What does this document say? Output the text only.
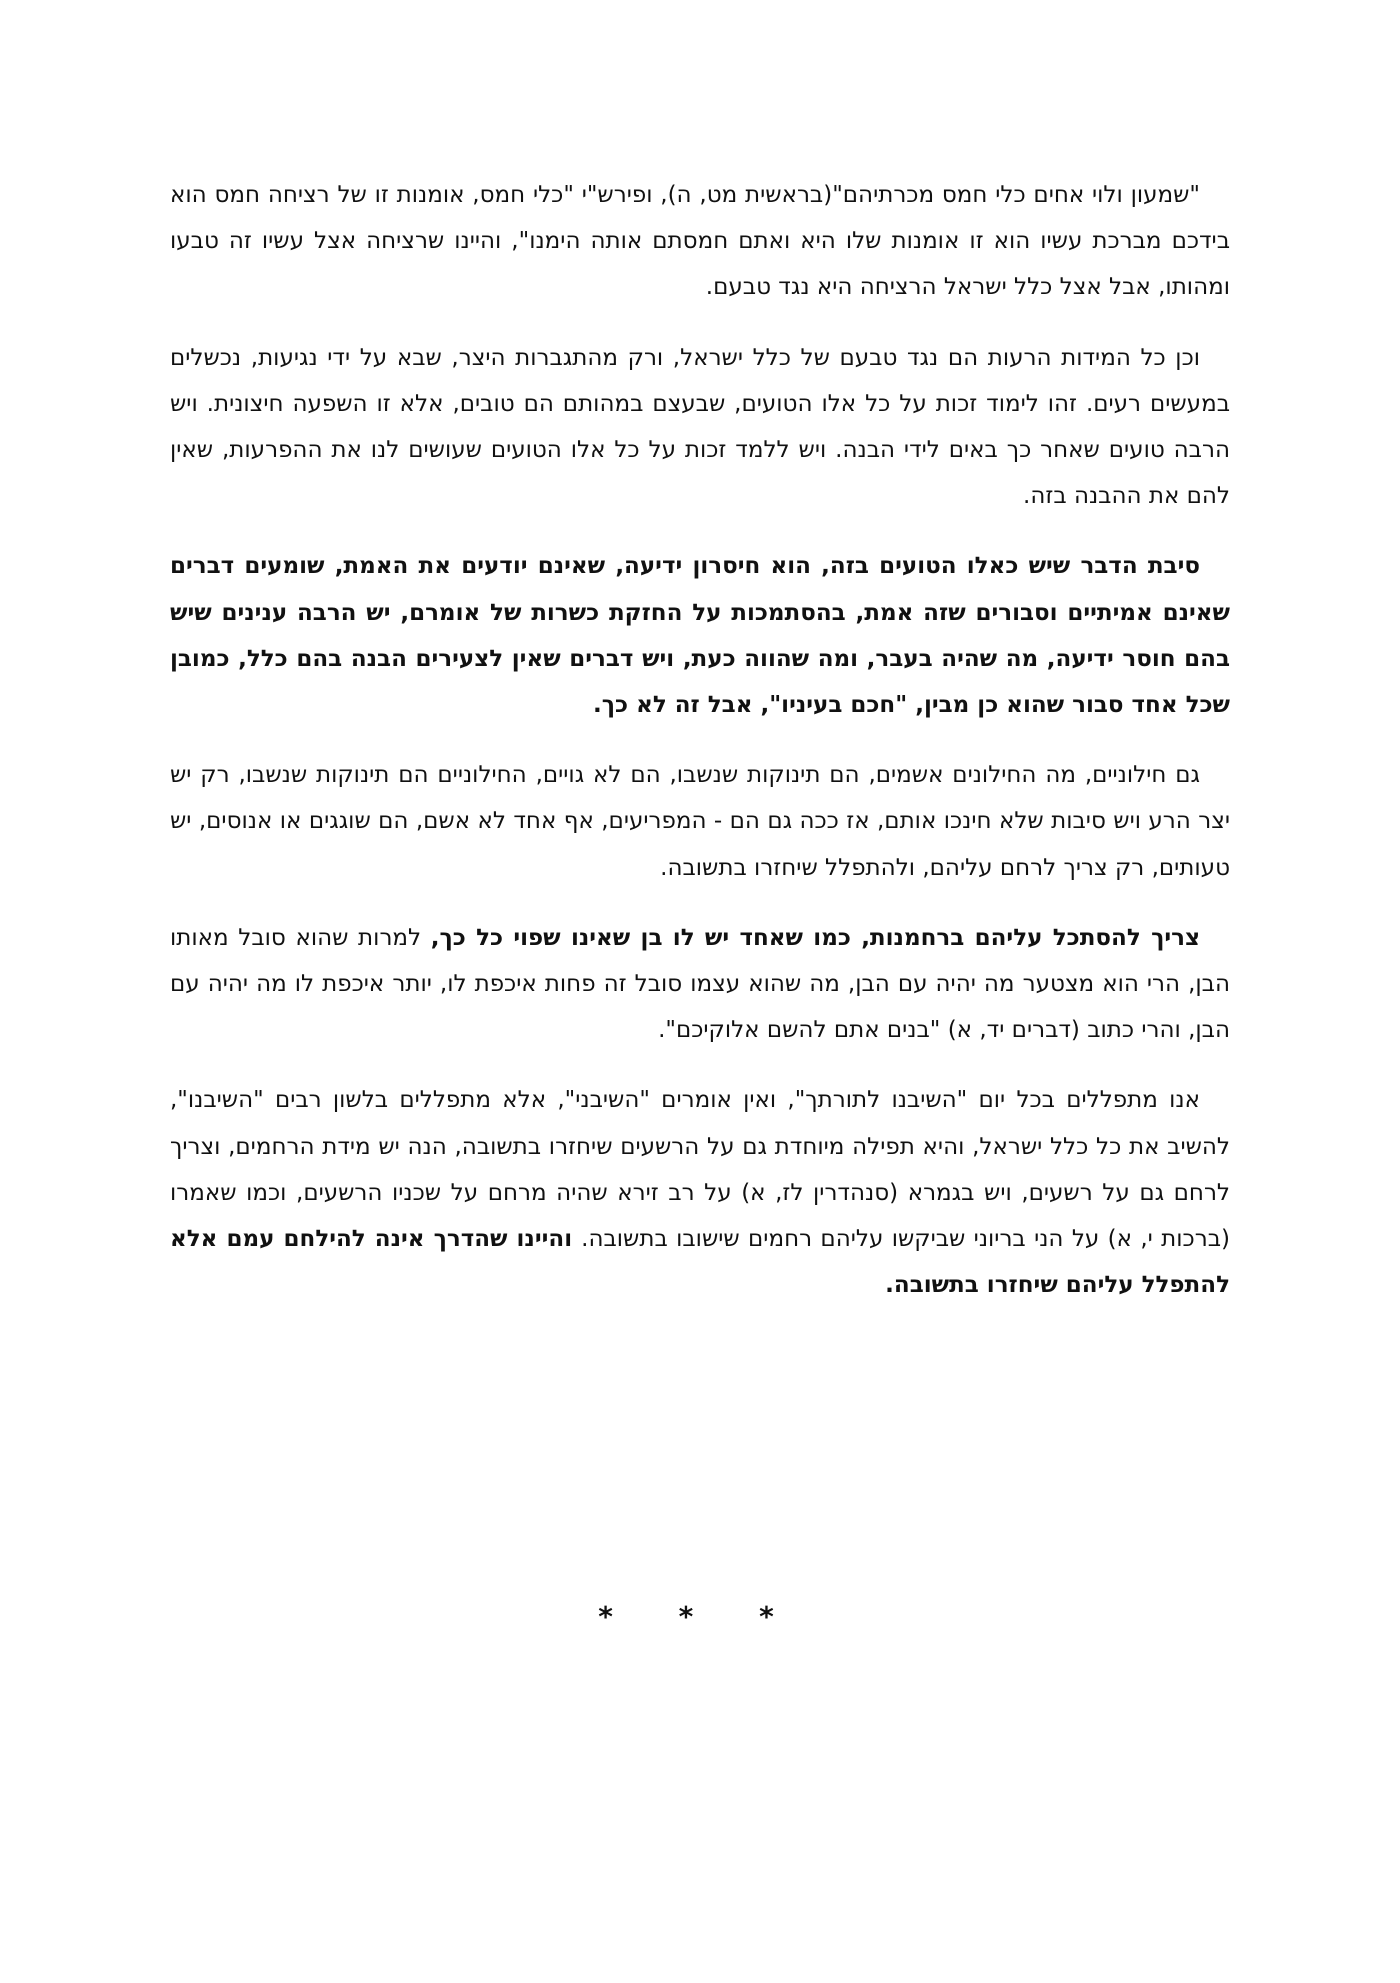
"שמעון ולוי אחים כלי חמס מכרתיהם"(בראשית מט, ה), ופירש"י "כלי חמס, אומנות זו של רציחה חמס הוא בידכם מברכת עשיו הוא זו אומנות שלו היא ואתם חמסתם אותה הימנו", והיינו שרציחה אצל עשיו זה טבעו ומהותו, אבל אצל כלל ישראל הרציחה היא נגד טבעם.

וכן כל המידות הרעות הם נגד טבעם של כלל ישראל, ורק מהתגברות היצר, שבא על ידי נגיעות, נכשלים במעשים רעים. זהו לימוד זכות על כל אלו הטועים, שבעצם במהותם הם טובים, אלא זו השפעה חיצונית. ויש הרבה טועים שאחר כך באים לידי הבנה. ויש ללמד זכות על כל אלו הטועים שעושים לנו את ההפרעות, שאין להם את ההבנה בזה.

סיבת הדבר שיש כאלו הטועים בזה, הוא חיסרון ידיעה, שאינם יודעים את האמת, שומעים דברים שאינם אמיתיים וסבורים שזה אמת, בהסתמכות על החזקת כשרות של אומרם, יש הרבה ענינים שיש בהם חוסר ידיעה, מה שהיה בעבר, ומה שהווה כעת, ויש דברים שאין לצעירים הבנה בהם כלל, כמובן שכל אחד סבור שהוא כן מבין, "חכם בעיניו", אבל זה לא כך.

גם חילוניים, מה החילונים אשמים, הם תינוקות שנשבו, הם לא גויים, החילוניים הם תינוקות שנשבו, רק יש יצר הרע ויש סיבות שלא חינכו אותם, אז ככה גם הם - המפריעים, אף אחד לא אשם, הם שוגגים או אנוסים, יש טעותים, רק צריך לרחם עליהם, ולהתפלל שיחזרו בתשובה.

צריך להסתכל עליהם ברחמנות, כמו שאחד יש לו בן שאינו שפוי כל כך, למרות שהוא סובל מאותו הבן, הרי הוא מצטער מה יהיה עם הבן, מה שהוא עצמו סובל זה פחות איכפת לו, יותר איכפת לו מה יהיה עם הבן, והרי כתוב (דברים יד, א) "בנים אתם להשם אלוקיכם".

אנו מתפללים בכל יום "השיבנו לתורתך", ואין אומרים "השיבני", אלא מתפללים בלשון רבים "השיבנו", להשיב את כל כלל ישראל, והיא תפילה מיוחדת גם על הרשעים שיחזרו בתשובה, הנה יש מידת הרחמים, וצריך לרחם גם על רשעים, ויש בגמרא (סנהדרין לז, א) על רב זירא שהיה מרחם על שכניו הרשעים, וכמו שאמרו (ברכות י, א) על הני בריוני שביקשו עליהם רחמים שישובו בתשובה. והיינו שהדרך אינה להילחם עמם אלא להתפלל עליהם שיחזרו בתשובה.

* * *
